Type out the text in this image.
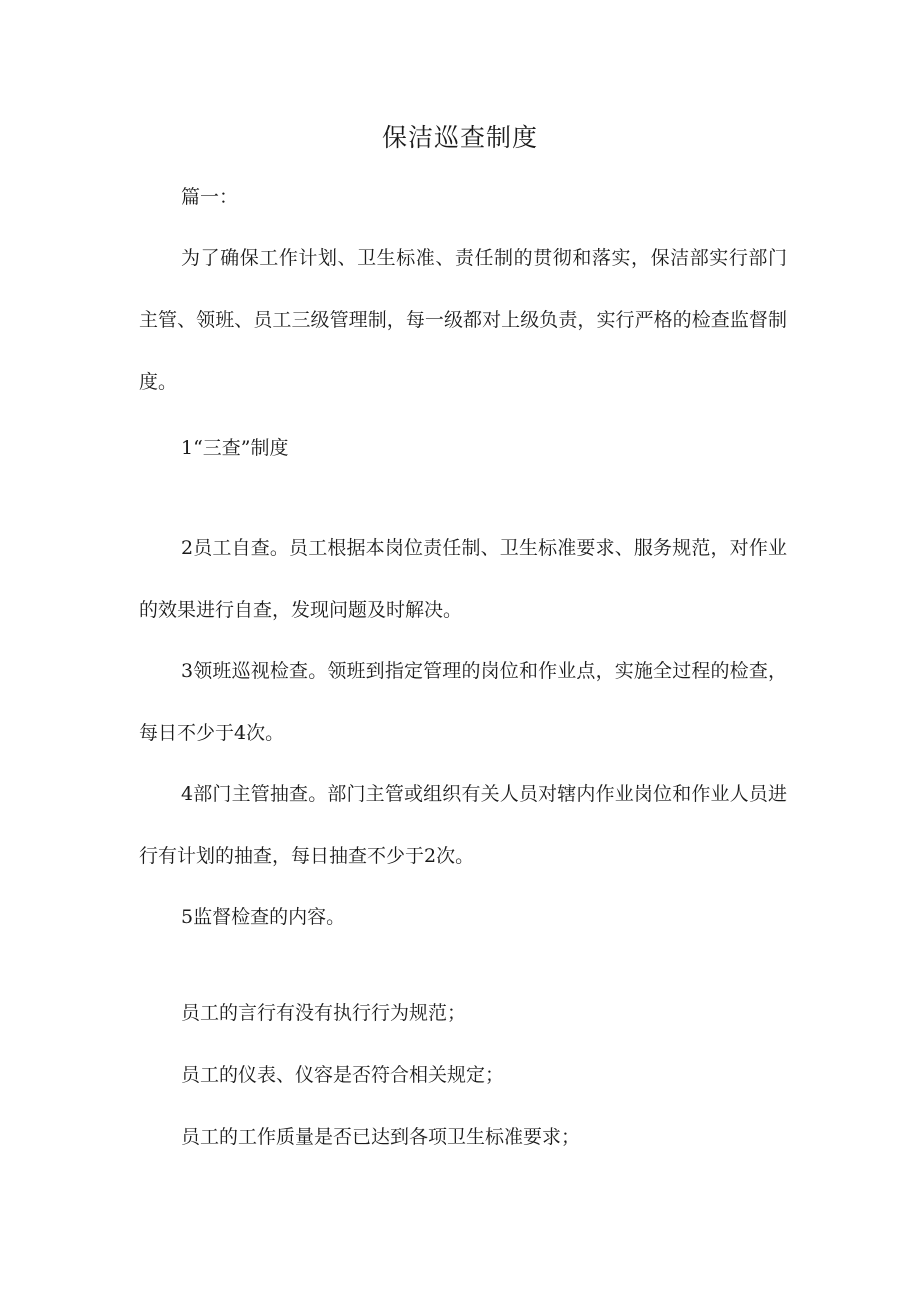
保洁巡查制度
篇一：

为了确保工作计划、卫生标准、责任制的贯彻和落实，保洁部实行部门主管、领班、员工三级管理制，每一级都对上级负责，实行严格的检查监督制度。

1“三查”制度

2员工自查。员工根据本岗位责任制、卫生标准要求、服务规范，对作业的效果进行自查，发现问题及时解决。

3领班巡视检查。领班到指定管理的岗位和作业点，实施全过程的检查，每日不少于4次。

4部门主管抽查。部门主管或组织有关人员对辖内作业岗位和作业人员进行有计划的抽查，每日抽查不少于2次。

5监督检查的内容。
员工的言行有没有执行行为规范；
员工的仪表、仪容是否符合相关规定；
员工的工作质量是否已达到各项卫生标准要求；
